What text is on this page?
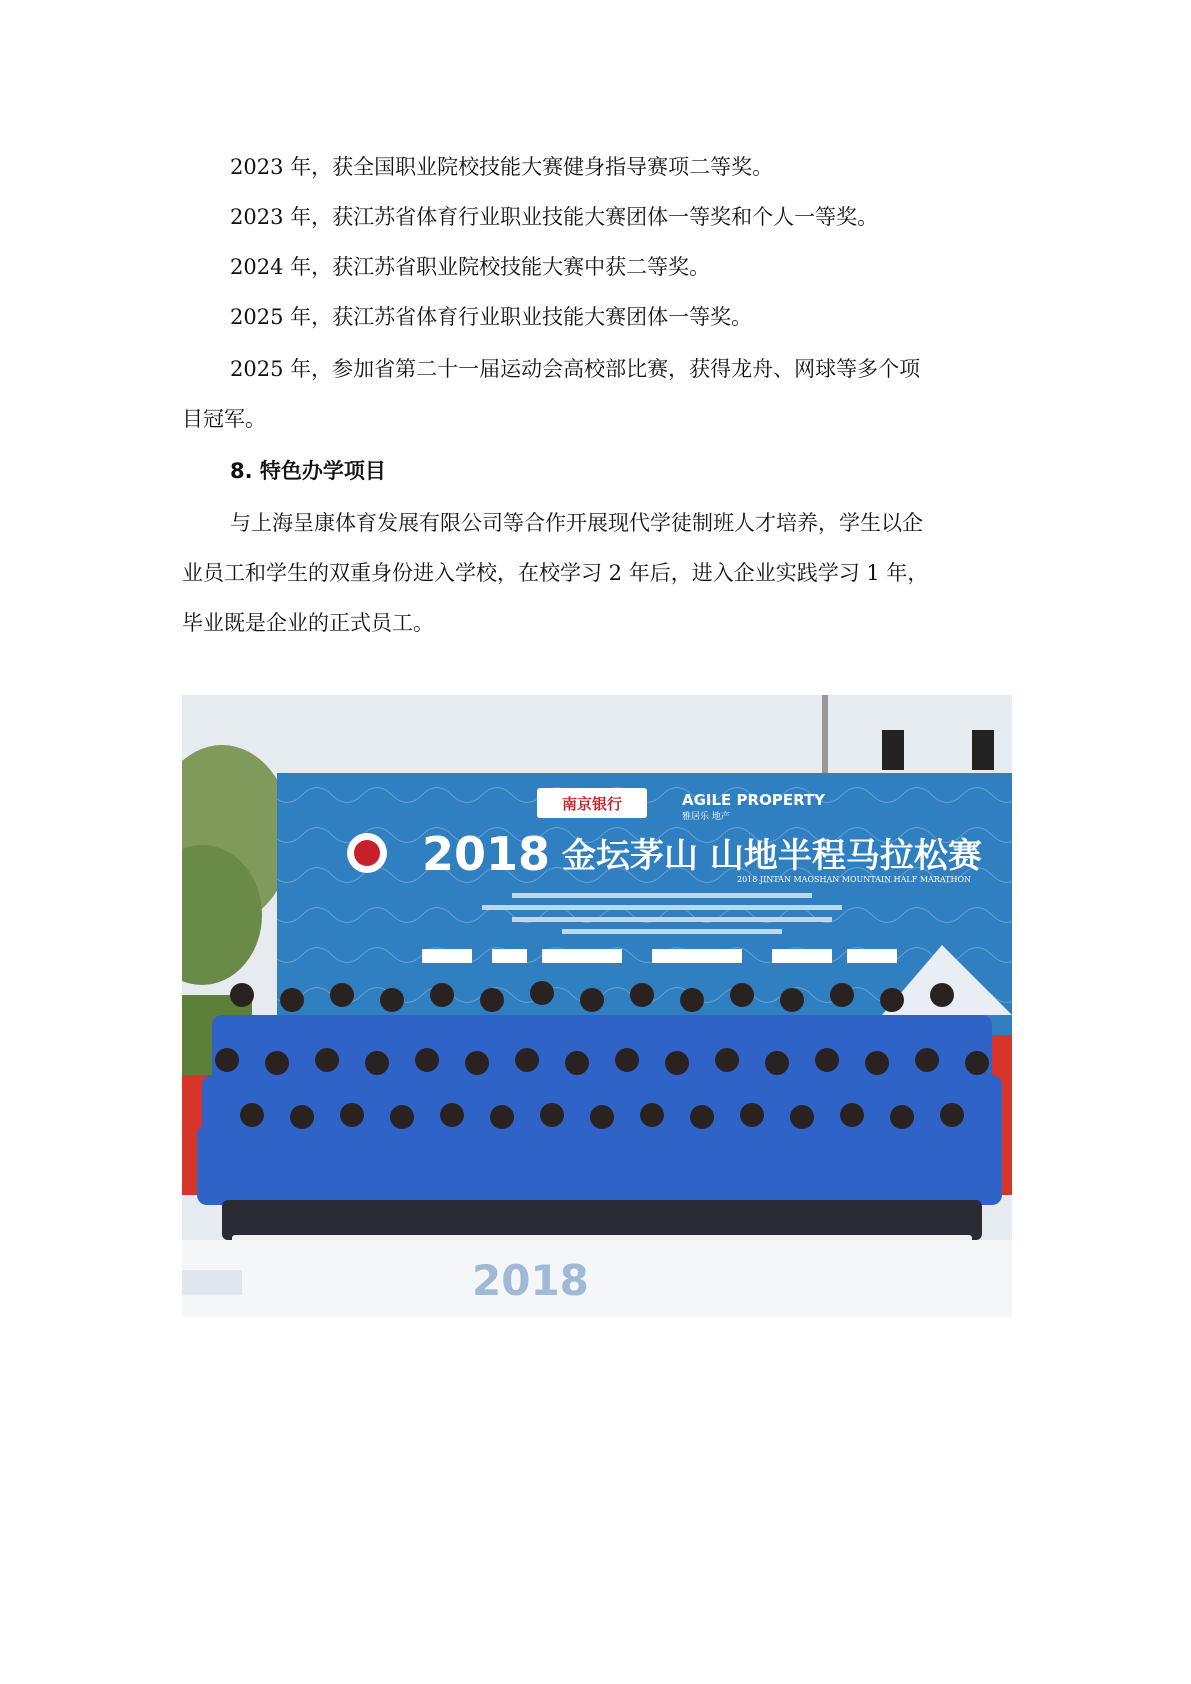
2023 年，获全国职业院校技能大赛健身指导赛项二等奖。
2023 年，获江苏省体育行业职业技能大赛团体一等奖和个人一等奖。
2024 年，获江苏省职业院校技能大赛中获二等奖。
2025 年，获江苏省体育行业职业技能大赛团体一等奖。
2025 年，参加省第二十一届运动会高校部比赛，获得龙舟、网球等多个项
目冠军。
8. 特色办学项目
与上海呈康体育发展有限公司等合作开展现代学徒制班人才培养，学生以企
业员工和学生的双重身份进入学校，在校学习 2 年后，进入企业实践学习 1 年，
毕业既是企业的正式员工。
南京银行	AGILE PROPERTY
雅居乐 地产
2018 金坛茅山 山地半程马拉松赛
2018 JINTAN MAOSHAN MOUNTAIN HALF MARATHON
2018
